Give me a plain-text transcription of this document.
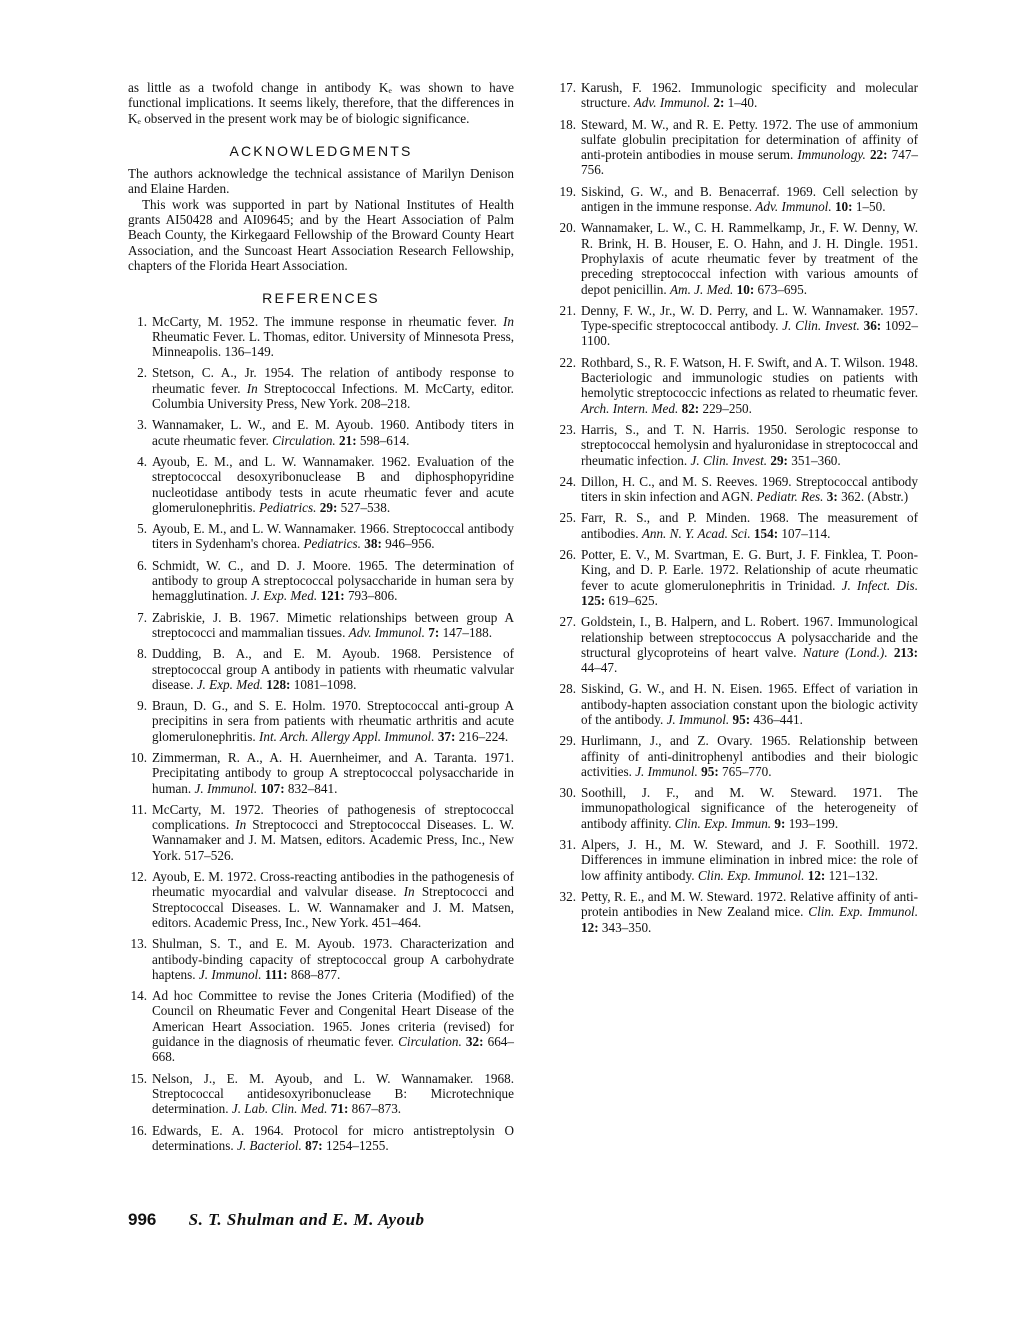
as little as a twofold change in antibody Kₑ was shown to have functional implications. It seems likely, therefore, that the differences in Kₑ observed in the present work may be of biologic significance.

ACKNOWLEDGMENTS

The authors acknowledge the technical assistance of Marilyn Denison and Elaine Harden.

This work was supported in part by National Institutes of Health grants AI50428 and AI09645; and by the Heart Association of Palm Beach County, the Kirkegaard Fellowship of the Broward County Heart Association, and the Suncoast Heart Association Research Fellowship, chapters of the Florida Heart Association.

REFERENCES
1. McCarty, M. 1952. The immune response in rheumatic fever. In Rheumatic Fever. L. Thomas, editor. University of Minnesota Press, Minneapolis. 136–149.
2. Stetson, C. A., Jr. 1954. The relation of antibody response to rheumatic fever. In Streptococcal Infections. M. McCarty, editor. Columbia University Press, New York. 208–218.
3. Wannamaker, L. W., and E. M. Ayoub. 1960. Antibody titers in acute rheumatic fever. Circulation. 21: 598–614.
4. Ayoub, E. M., and L. W. Wannamaker. 1962. Evaluation of the streptococcal desoxyribonuclease B and diphosphopyridine nucleotidase antibody tests in acute rheumatic fever and acute glomerulonephritis. Pediatrics. 29: 527–538.
5. Ayoub, E. M., and L. W. Wannamaker. 1966. Streptococcal antibody titers in Sydenham's chorea. Pediatrics. 38: 946–956.
6. Schmidt, W. C., and D. J. Moore. 1965. The determination of antibody to group A streptococcal polysaccharide in human sera by hemagglutination. J. Exp. Med. 121: 793–806.
7. Zabriskie, J. B. 1967. Mimetic relationships between group A streptococci and mammalian tissues. Adv. Immunol. 7: 147–188.
8. Dudding, B. A., and E. M. Ayoub. 1968. Persistence of streptococcal group A antibody in patients with rheumatic valvular disease. J. Exp. Med. 128: 1081–1098.
9. Braun, D. G., and S. E. Holm. 1970. Streptococcal anti-group A precipitins in sera from patients with rheumatic arthritis and acute glomerulonephritis. Int. Arch. Allergy Appl. Immunol. 37: 216–224.
10. Zimmerman, R. A., A. H. Auernheimer, and A. Taranta. 1971. Precipitating antibody to group A streptococcal polysaccharide in human. J. Immunol. 107: 832–841.
11. McCarty, M. 1972. Theories of pathogenesis of streptococcal complications. In Streptococci and Streptococcal Diseases. L. W. Wannamaker and J. M. Matsen, editors. Academic Press, Inc., New York. 517–526.
12. Ayoub, E. M. 1972. Cross-reacting antibodies in the pathogenesis of rheumatic myocardial and valvular disease. In Streptococci and Streptococcal Diseases. L. W. Wannamaker and J. M. Matsen, editors. Academic Press, Inc., New York. 451–464.
13. Shulman, S. T., and E. M. Ayoub. 1973. Characterization and antibody-binding capacity of streptococcal group A carbohydrate haptens. J. Immunol. 111: 868–877.
14. Ad hoc Committee to revise the Jones Criteria (Modified) of the Council on Rheumatic Fever and Congenital Heart Disease of the American Heart Association. 1965. Jones criteria (revised) for guidance in the diagnosis of rheumatic fever. Circulation. 32: 664–668.
15. Nelson, J., E. M. Ayoub, and L. W. Wannamaker. 1968. Streptococcal antidesoxyribonuclease B: Microtechnique determination. J. Lab. Clin. Med. 71: 867–873.
16. Edwards, E. A. 1964. Protocol for micro antistreptolysin O determinations. J. Bacteriol. 87: 1254–1255.
17. Karush, F. 1962. Immunologic specificity and molecular structure. Adv. Immunol. 2: 1–40.
18. Steward, M. W., and R. E. Petty. 1972. The use of ammonium sulfate globulin precipitation for determination of affinity of anti-protein antibodies in mouse serum. Immunology. 22: 747–756.
19. Siskind, G. W., and B. Benacerraf. 1969. Cell selection by antigen in the immune response. Adv. Immunol. 10: 1–50.
20. Wannamaker, L. W., C. H. Rammelkamp, Jr., F. W. Denny, W. R. Brink, H. B. Houser, E. O. Hahn, and J. H. Dingle. 1951. Prophylaxis of acute rheumatic fever by treatment of the preceding streptococcal infection with various amounts of depot penicillin. Am. J. Med. 10: 673–695.
21. Denny, F. W., Jr., W. D. Perry, and L. W. Wannamaker. 1957. Type-specific streptococcal antibody. J. Clin. Invest. 36: 1092–1100.
22. Rothbard, S., R. F. Watson, H. F. Swift, and A. T. Wilson. 1948. Bacteriologic and immunologic studies on patients with hemolytic streptococcic infections as related to rheumatic fever. Arch. Intern. Med. 82: 229–250.
23. Harris, S., and T. N. Harris. 1950. Serologic response to streptococcal hemolysin and hyaluronidase in streptococcal and rheumatic infection. J. Clin. Invest. 29: 351–360.
24. Dillon, H. C., and M. S. Reeves. 1969. Streptococcal antibody titers in skin infection and AGN. Pediatr. Res. 3: 362. (Abstr.)
25. Farr, R. S., and P. Minden. 1968. The measurement of antibodies. Ann. N. Y. Acad. Sci. 154: 107–114.
26. Potter, E. V., M. Svartman, E. G. Burt, J. F. Finklea, T. Poon-King, and D. P. Earle. 1972. Relationship of acute rheumatic fever to acute glomerulonephritis in Trinidad. J. Infect. Dis. 125: 619–625.
27. Goldstein, I., B. Halpern, and L. Robert. 1967. Immunological relationship between streptococcus A polysaccharide and the structural glycoproteins of heart valve. Nature (Lond.). 213: 44–47.
28. Siskind, G. W., and H. N. Eisen. 1965. Effect of variation in antibody-hapten association constant upon the biologic activity of the antibody. J. Immunol. 95: 436–441.
29. Hurlimann, J., and Z. Ovary. 1965. Relationship between affinity of anti-dinitrophenyl antibodies and their biologic activities. J. Immunol. 95: 765–770.
30. Soothill, J. F., and M. W. Steward. 1971. The immunopathological significance of the heterogeneity of antibody affinity. Clin. Exp. Immun. 9: 193–199.
31. Alpers, J. H., M. W. Steward, and J. F. Soothill. 1972. Differences in immune elimination in inbred mice: the role of low affinity antibody. Clin. Exp. Immunol. 12: 121–132.
32. Petty, R. E., and M. W. Steward. 1972. Relative affinity of anti-protein antibodies in New Zealand mice. Clin. Exp. Immunol. 12: 343–350.
996 S. T. Shulman and E. M. Ayoub
